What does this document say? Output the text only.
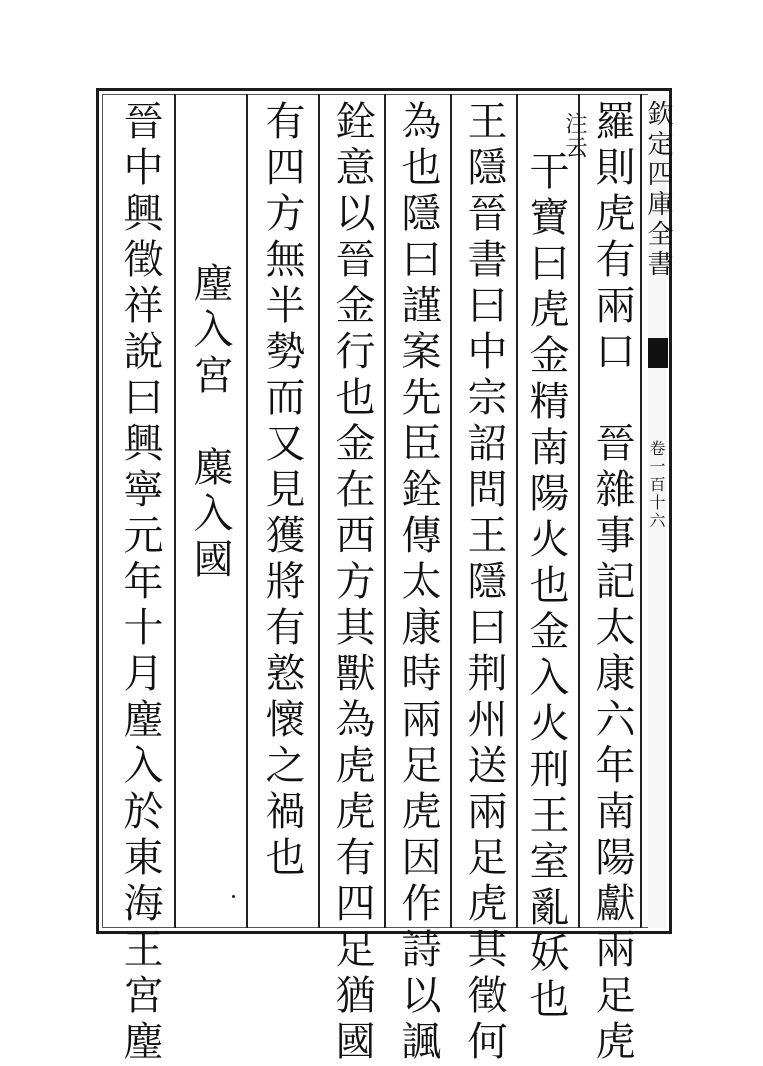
欽定四庫全書
卷一百十六
羅則虎有兩口　晉雜事記太康六年南陽獻兩足虎
注云
干寶曰虎金精南陽火也金入火刑王室亂妖也
王隱晉書曰中宗詔問王隱曰荆州送兩足虎其徵何
為也隱曰謹案先臣銓傳太康時兩足虎因作詩以諷
銓意以晉金行也金在西方其獸為虎虎有四足猶國
有四方無半勢而又見獲將有憝懷之禍也
麈入宮　麋入國
晉中興徵祥說曰興寧元年十月麈入於東海王宮麈
